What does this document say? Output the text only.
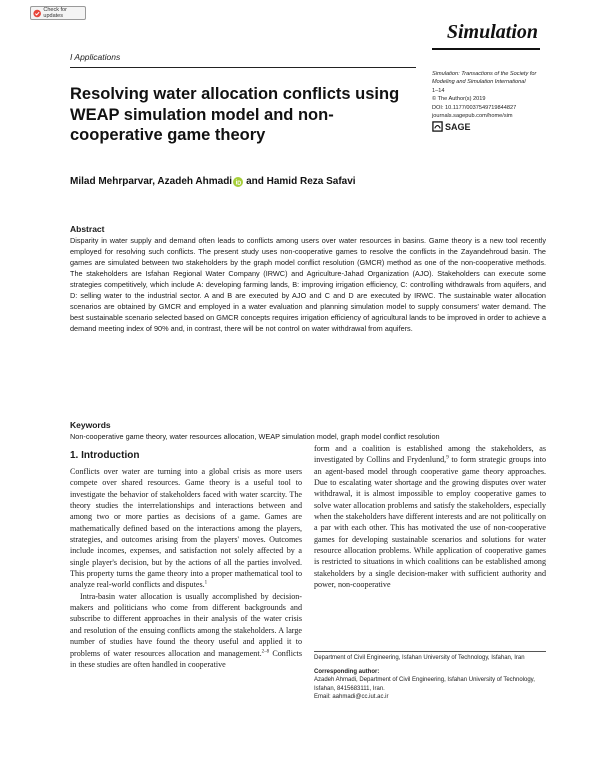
Check for updates
Simulation
I Applications
Simulation: Transactions of the Society for Modeling and Simulation International
1–14
© The Author(s) 2019
DOI: 10.1177/0037549719844827
journals.sagepub.com/home/sim
SAGE
Resolving water allocation conflicts using WEAP simulation model and non-cooperative game theory
Milad Mehrparvar, Azadeh Ahmadi and Hamid Reza Safavi
Abstract
Disparity in water supply and demand often leads to conflicts among users over water resources in basins. Game theory is a new tool recently employed for resolving such conflicts. The present study uses non-cooperative games to resolve the conflicts in the Zayandehroud basin. The games are simulated between two stakeholders by the graph model conflict resolution (GMCR) method as one of the non-cooperative methods. The stakeholders are Isfahan Regional Water Company (IRWC) and Agriculture-Jahad Organization (AJO). Stakeholders can execute some strategies competitively, which include A: developing farming lands, B: improving irrigation efficiency, C: controlling withdrawals from aquifers, and D: selling water to the industrial sector. A and B are executed by AJO and C and D are executed by IRWC. The sustainable water allocation scenarios are obtained by GMCR and employed in a water evaluation and planning simulation model to supply consumers' water demand. The best sustainable scenario selected based on GMCR concepts requires irrigation efficiency of agricultural lands to be improved in order to achieve a demand meeting index of 90% and, in contrast, there will be not control on water withdrawal from aquifers.
Keywords
Non-cooperative game theory, water resources allocation, WEAP simulation model, graph model conflict resolution
1. Introduction

Conflicts over water are turning into a global crisis as more users compete over shared resources. Game theory is a useful tool to investigate the behavior of stakeholders faced with water scarcity. The theory studies the interrelationships and interactions between and among two or more parties as decisions of a game. Games are mathematically defined based on the interactions among the players, strategies, and outcomes arising from the players' moves. Outcomes include incomes, expenses, and satisfaction not solely affected by a single player's decision, but by the actions of all the parties involved. This property turns the game theory into a proper mathematical tool to analyze real-world conflicts and disputes.$^1$

Intra-basin water allocation is usually accomplished by decision-makers and politicians who come from different backgrounds and subscribe to different approaches in their analysis of the water crisis and resolution of the ensuing conflicts among the stakeholders. A large number of studies have found the theory useful and applied it to problems of water resources allocation and management.$^{2-8}$ Conflicts in these studies are often handled in cooperative

form and a coalition is established among the stakeholders, as investigated by Collins and Frydenlund,$^9$ to form strategic groups into an agent-based model through cooperative game theory approaches. Due to escalating water shortage and the growing disputes over water withdrawal, it is almost impossible to employ cooperative games to solve water allocation problems and satisfy the stakeholders, especially when the stakeholders have different interests and are not politically on a par with each other. This has motivated the use of non-cooperative games for developing sustainable scenarios and solutions for water resource allocation problems. While application of cooperative games is restricted to situations in which coalitions can be established among stakeholders by a single decision-maker with sufficient authority and power, non-cooperative

Department of Civil Engineering, Isfahan University of Technology, Isfahan, Iran
Corresponding author:
Azadeh Ahmadi, Department of Civil Engineering, Isfahan University of Technology, Isfahan, 8415683111, Iran.
Email: aahmadi@cc.iut.ac.ir
